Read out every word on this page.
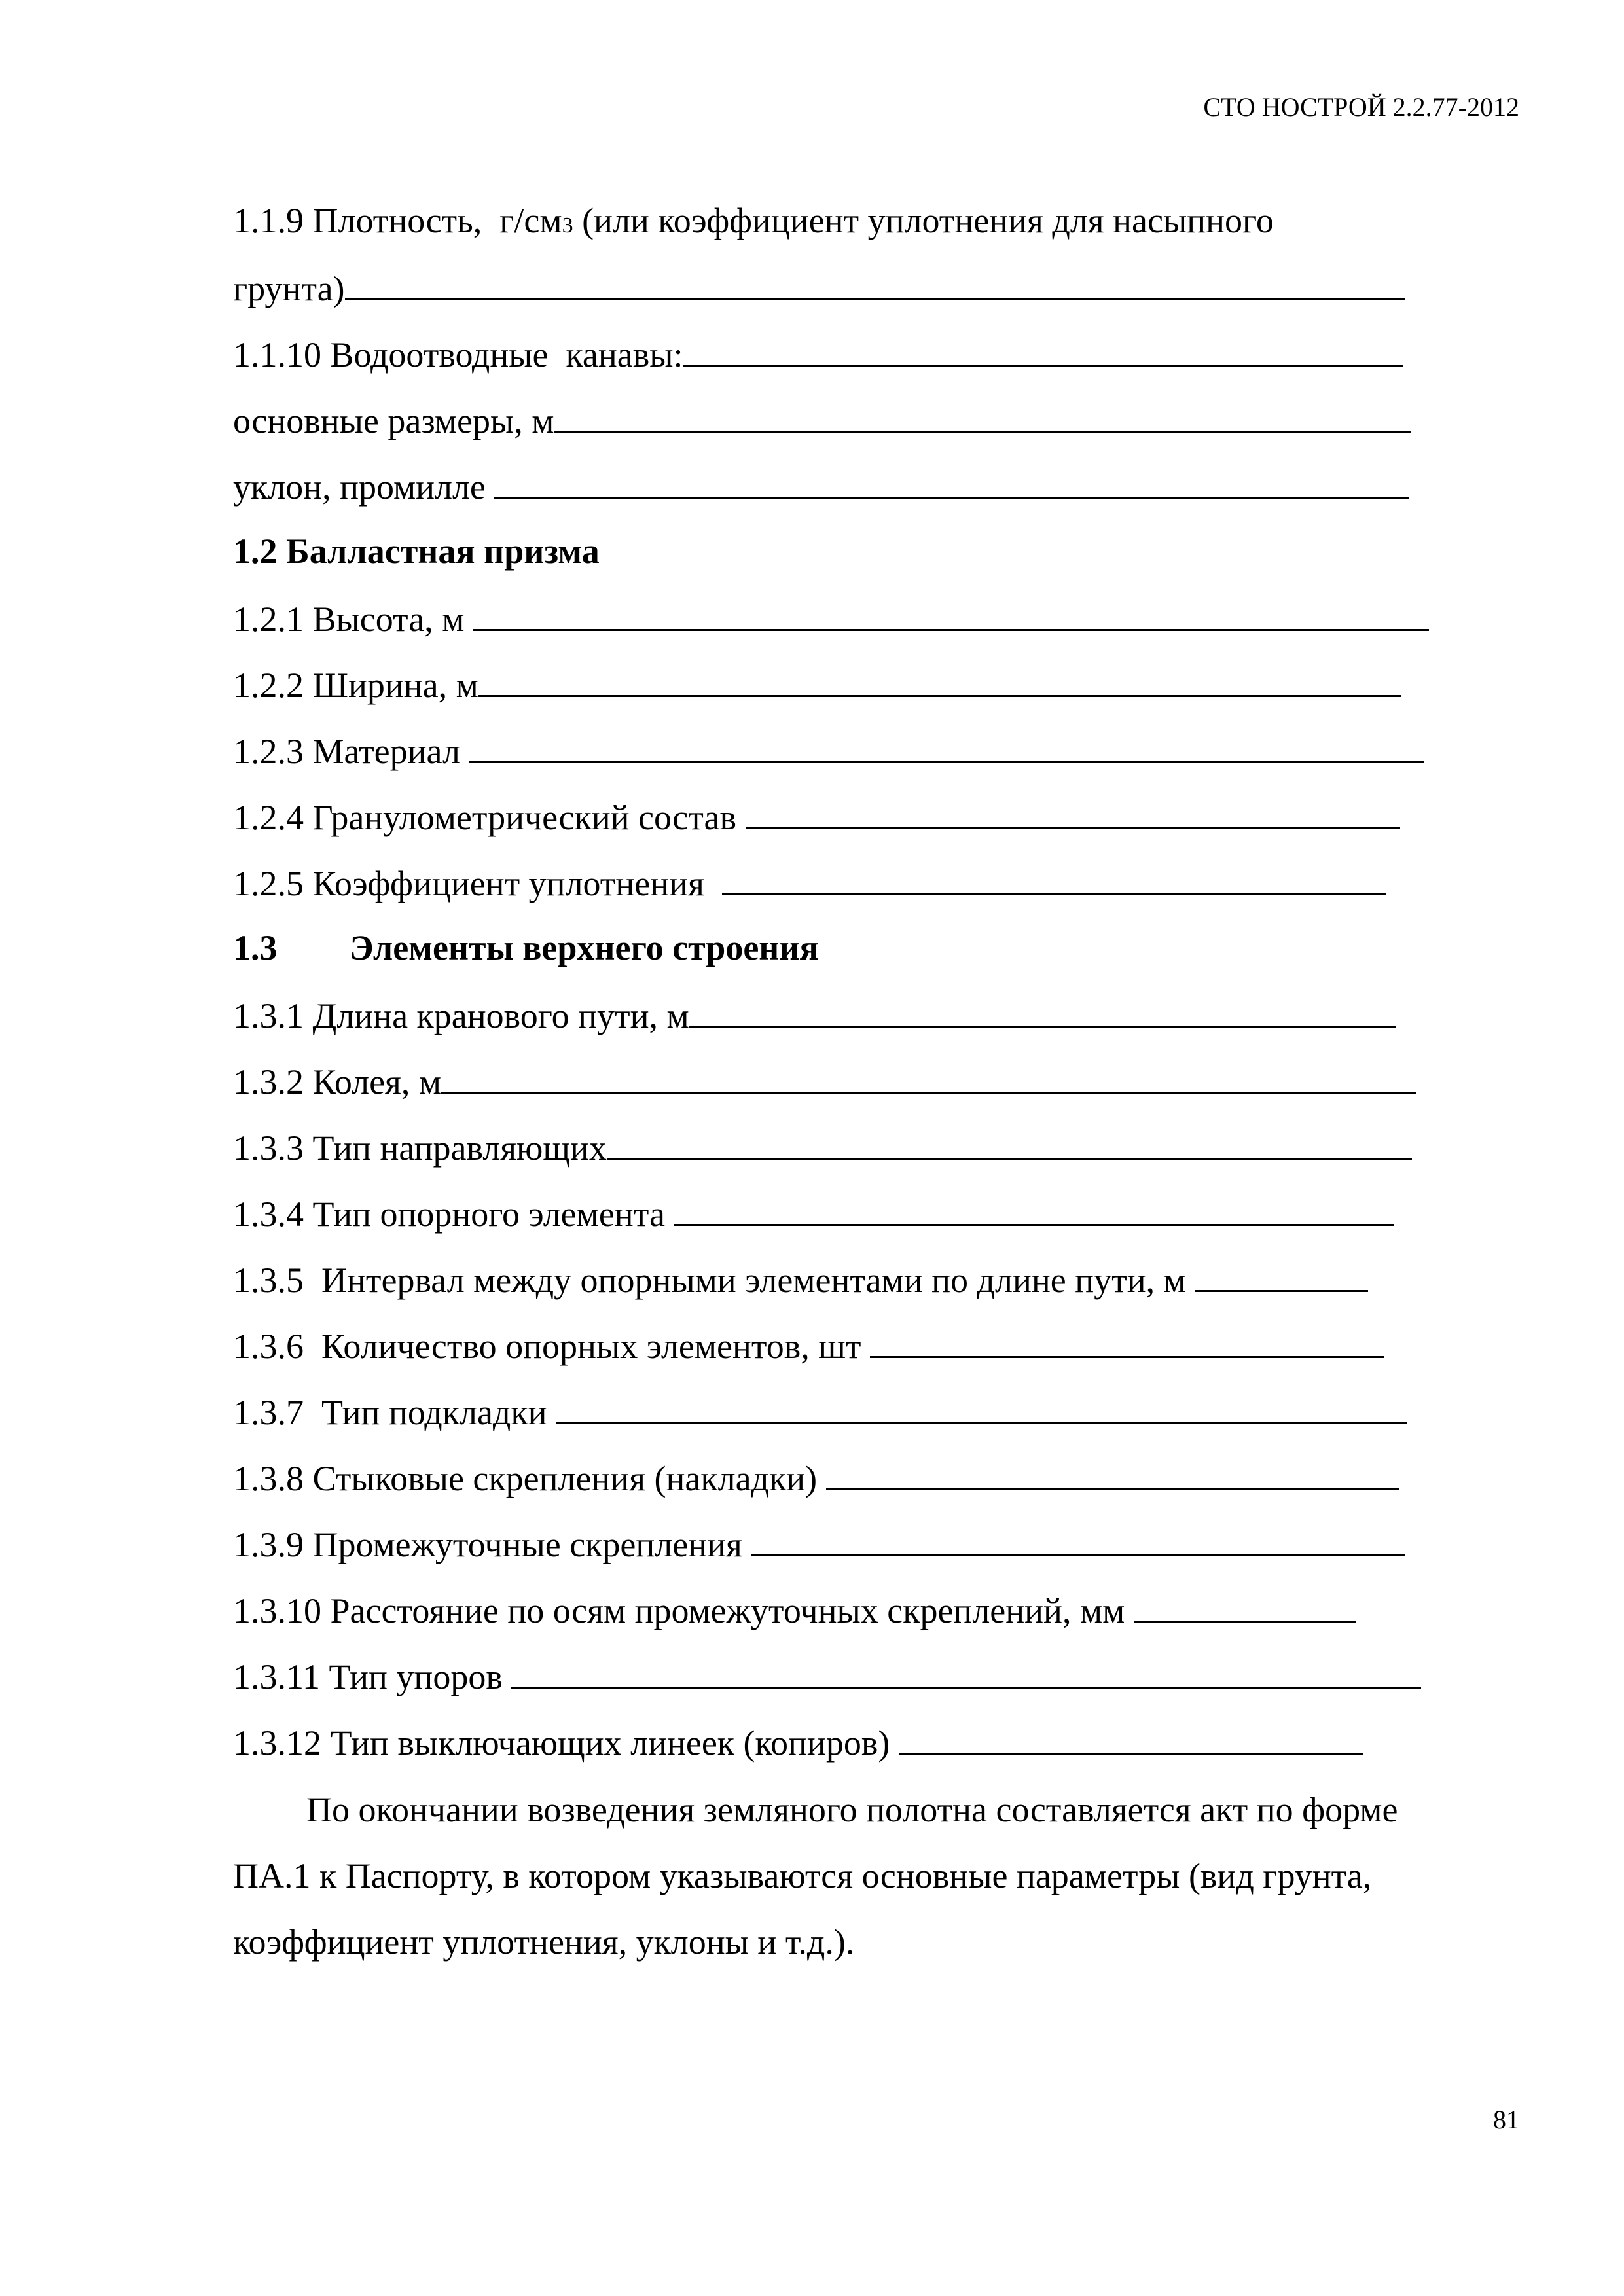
СТО НОСТРОЙ 2.2.77-2012
1.1.9 Плотность,  г/см 3 (или коэффициент уплотнения для насыпного
грунта)
1.1.10 Водоотводные  канавы:
основные размеры, м
уклон, промилле
1.2 Балластная призма
1.2.1 Высота, м
1.2.2 Ширина, м
1.2.3 Материал
1.2.4 Гранулометрический состав
1.2.5 Коэффициент уплотнения
1.3 Элементы верхнего строения
1.3.1 Длина кранового пути, м
1.3.2 Колея, м
1.3.3 Тип направляющих
1.3.4 Тип опорного элемента
1.3.5  Интервал между опорными элементами по длине пути, м
1.3.6  Количество опорных элементов, шт
1.3.7  Тип подкладки
1.3.8 Стыковые скрепления (накладки)
1.3.9 Промежуточные скрепления
1.3.10 Расстояние по осям промежуточных скреплений, мм
1.3.11 Тип упоров
1.3.12 Тип выключающих линеек (копиров)
По окончании возведения земляного полотна составляется акт по форме
ПА.1 к Паспорту, в котором указываются основные параметры (вид грунта,
коэффициент уплотнения, уклоны и т.д.).
81
